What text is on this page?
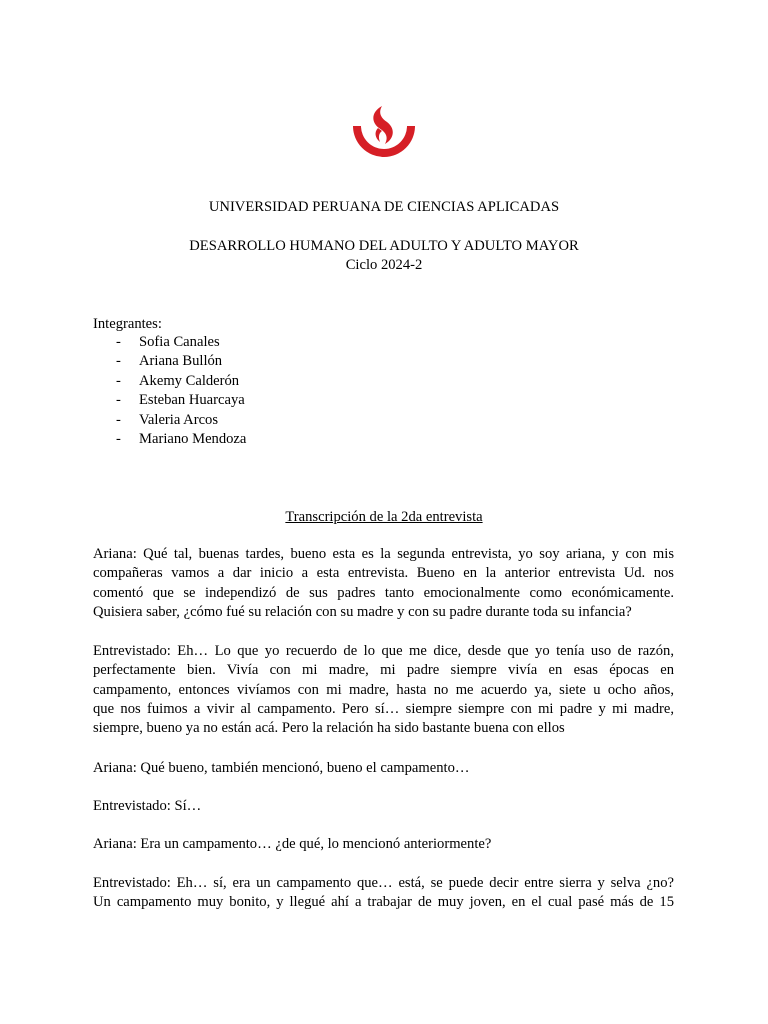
UNIVERSIDAD PERUANA DE CIENCIAS APLICADAS
DESARROLLO HUMANO DEL ADULTO Y ADULTO MAYOR
Ciclo 2024-2
Integrantes:
- Sofia Canales
- Ariana Bullón
- Akemy Calderón
- Esteban Huarcaya
- Valeria Arcos
- Mariano Mendoza
Transcripción de la 2da entrevista
Ariana: Qué tal, buenas tardes, bueno esta es la segunda entrevista, yo soy ariana, y con mis
compañeras vamos a dar inicio a esta entrevista. Bueno en la anterior entrevista Ud. nos
comentó que se independizó de sus padres tanto emocionalmente como económicamente.
Quisiera saber, ¿cómo fué su relación con su madre y con su padre durante toda su infancia?
Entrevistado: Eh… Lo que yo recuerdo de lo que me dice, desde que yo tenía uso de razón,
perfectamente bien. Vivía con mi madre, mi padre siempre vivía en esas épocas en
campamento, entonces vivíamos con mi madre, hasta no me acuerdo ya, siete u ocho años,
que nos fuimos a vivir al campamento. Pero sí… siempre siempre con mi padre y mi madre,
siempre, bueno ya no están acá. Pero la relación ha sido bastante buena con ellos
Ariana: Qué bueno, también mencionó, bueno el campamento…
Entrevistado: Sí…
Ariana: Era un campamento… ¿de qué, lo mencionó anteriormente?
Entrevistado: Eh… sí, era un campamento que… está, se puede decir entre sierra y selva ¿no?
Un campamento muy bonito, y llegué ahí a trabajar de muy joven, en el cual pasé más de 15
